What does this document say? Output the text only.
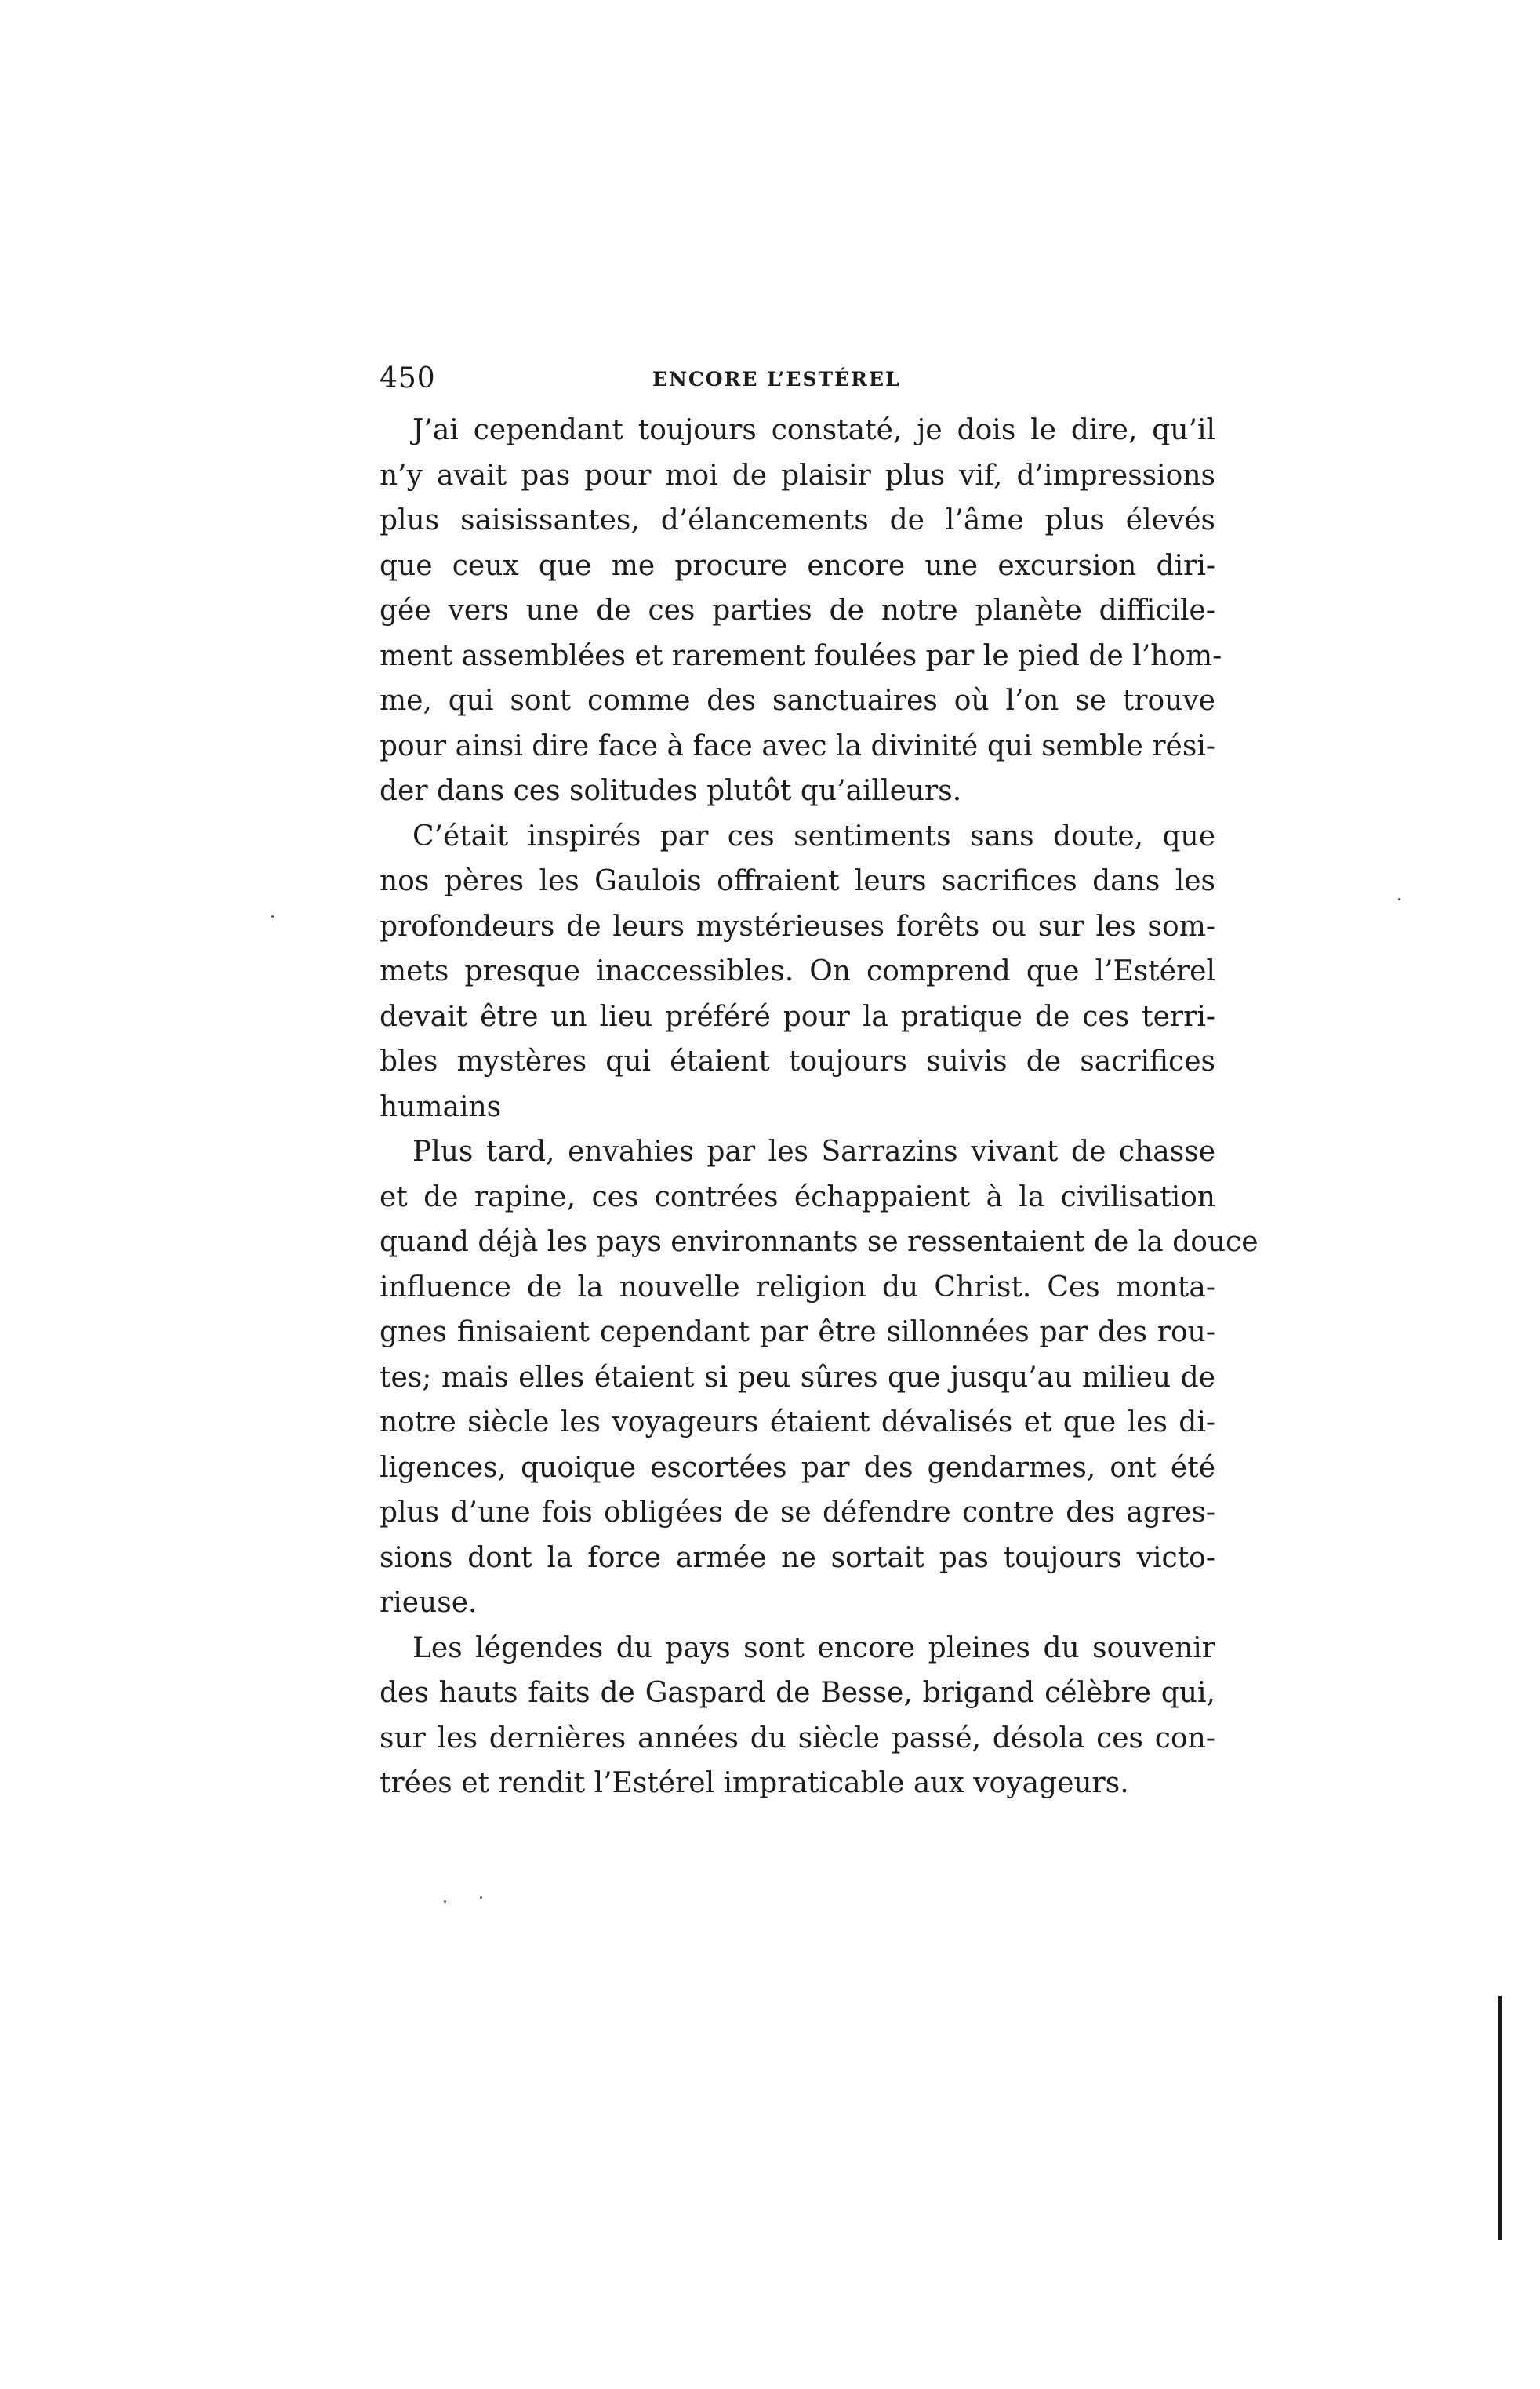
450	ENCORE L’ESTÉREL
J’ai cependant toujours constaté, je dois le dire, qu’il
n’y avait pas pour moi de plaisir plus vif, d’impressions
plus saisissantes, d’élancements de l’âme plus élevés
que ceux que me procure encore une excursion diri-
gée vers une de ces parties de notre planète difficile-
ment assemblées et rarement foulées par le pied de l’hom-
me, qui sont comme des sanctuaires où l’on se trouve
pour ainsi dire face à face avec la divinité qui semble rési-
der dans ces solitudes plutôt qu’ailleurs.
C’était inspirés par ces sentiments sans doute, que
nos pères les Gaulois offraient leurs sacrifices dans les
profondeurs de leurs mystérieuses forêts ou sur les som-
mets presque inaccessibles. On comprend que l’Estérel
devait être un lieu préféré pour la pratique de ces terri-
bles mystères qui étaient toujours suivis de sacrifices
humains
Plus tard, envahies par les Sarrazins vivant de chasse
et de rapine, ces contrées échappaient à la civilisation
quand déjà les pays environnants se ressentaient de la douce
influence de la nouvelle religion du Christ. Ces monta-
gnes finisaient cependant par être sillonnées par des rou-
tes; mais elles étaient si peu sûres que jusqu’au milieu de
notre siècle les voyageurs étaient dévalisés et que les di-
ligences, quoique escortées par des gendarmes, ont été
plus d’une fois obligées de se défendre contre des agres-
sions dont la force armée ne sortait pas toujours victo-
rieuse.
Les légendes du pays sont encore pleines du souvenir
des hauts faits de Gaspard de Besse, brigand célèbre qui,
sur les dernières années du siècle passé, désola ces con-
trées et rendit l’Estérel impraticable aux voyageurs.
